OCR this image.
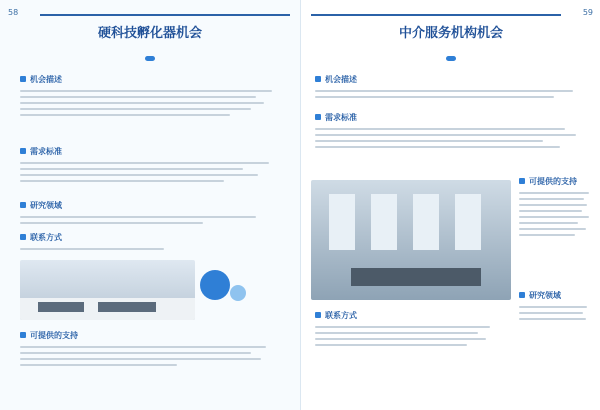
58
硬科技孵化器机会
机会描述
需求标准
研究领域
联系方式
可提供的支持
59
中介服务机构机会
机会描述
需求标准
可提供的支持
联系方式
研究领域
